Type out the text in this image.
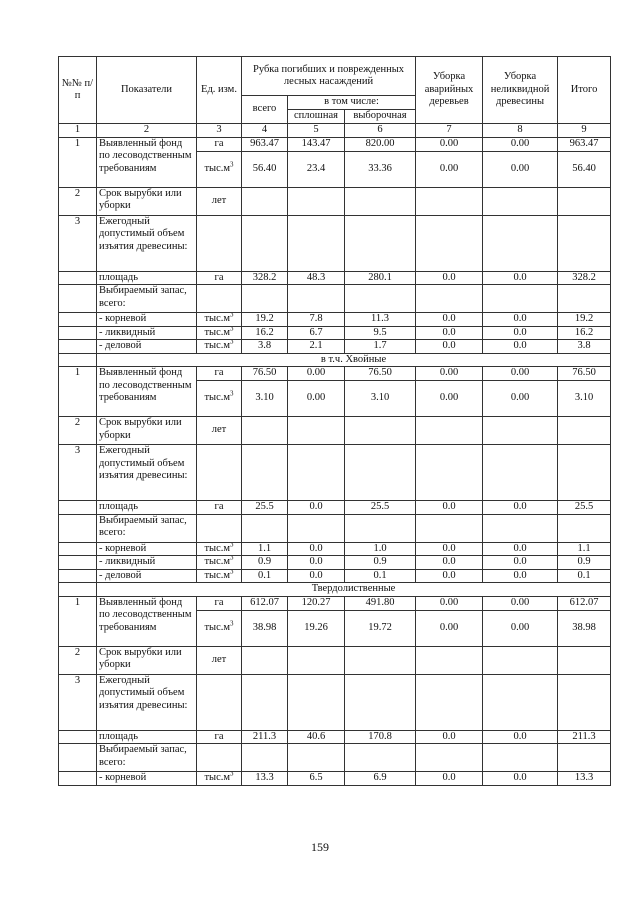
№№ п/п	Показатели	Ед. изм.	Рубка погибших и поврежденных лесных насаждений			Уборка аварийных деревьев	Уборка неликвидной древесины	Итого
			всего	в том числе:				
				сплошная	выборочная			
1	2	3	4	5	6	7	8	9
1	Выявленный фонд по лесоводственным требованиям	га	963.47	143.47	820.00	0.00	0.00	963.47
		$тыс.м^3$	56.40	23.4	33.36	0.00	0.00	56.40
2	Срок вырубки или уборки	лет						
3	Ежегодный допустимый объем изъятия древесины:							
	площадь	га	328.2	48.3	280.1	0.0	0.0	328.2
	Выбираемый запас, всего:							
	- корневой	$тыс.м^3$	19.2	7.8	11.3	0.0	0.0	19.2
	- ликвидный	$тыс.м^3$	16.2	6.7	9.5	0.0	0.0	16.2
	- деловой	$тыс.м^3$	3.8	2.1	1.7	0.0	0.0	3.8
	в т.ч. Хвойные							
1	Выявленный фонд по лесоводственным требованиям	га	76.50	0.00	76.50	0.00	0.00	76.50
		$тыс.м^3$	3.10	0.00	3.10	0.00	0.00	3.10
2	Срок вырубки или уборки	лет						
3	Ежегодный допустимый объем изъятия древесины:							
	площадь	га	25.5	0.0	25.5	0.0	0.0	25.5
	Выбираемый запас, всего:							
	- корневой	$тыс.м^3$	1.1	0.0	1.0	0.0	0.0	1.1
	- ликвидный	$тыс.м^3$	0.9	0.0	0.9	0.0	0.0	0.9
	- деловой	$тыс.м^3$	0.1	0.0	0.1	0.0	0.0	0.1
	Твердолиственные							
1	Выявленный фонд по лесоводственным требованиям	га	612.07	120.27	491.80	0.00	0.00	612.07
		$тыс.м^3$	38.98	19.26	19.72	0.00	0.00	38.98
2	Срок вырубки или уборки	лет						
3	Ежегодный допустимый объем изъятия древесины:							
	площадь	га	211.3	40.6	170.8	0.0	0.0	211.3
	Выбираемый запас, всего:							
	- корневой	$тыс.м^3$	13.3	6.5	6.9	0.0	0.0	13.3
159
